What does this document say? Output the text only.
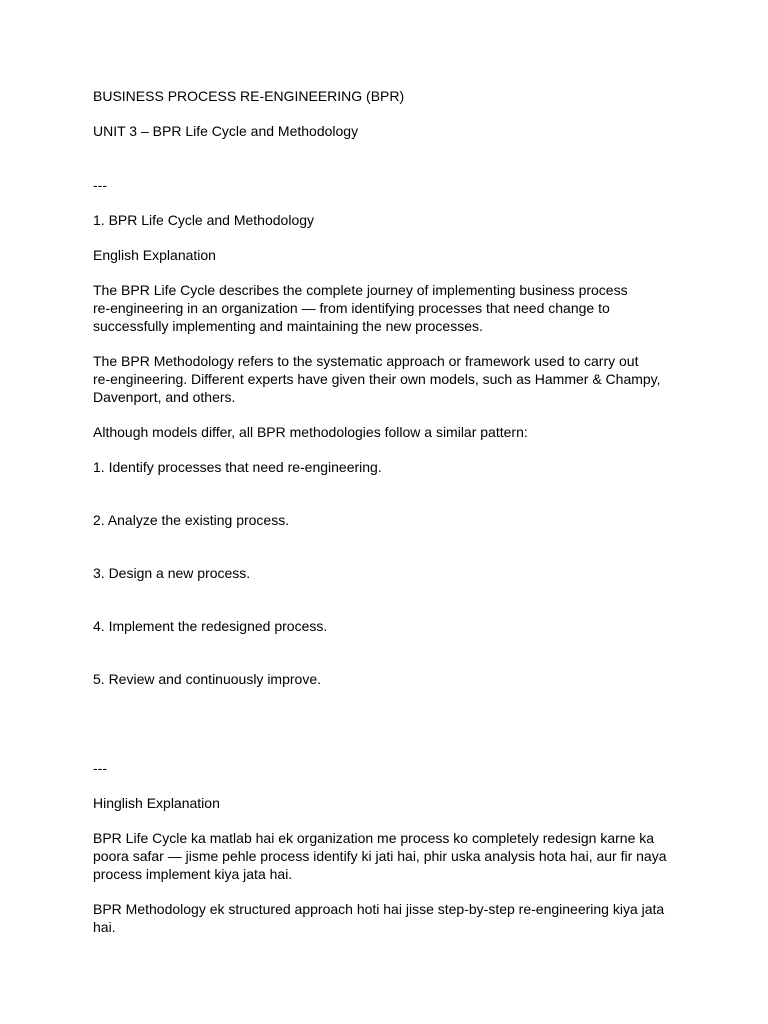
BUSINESS PROCESS RE-ENGINEERING (BPR)

UNIT 3 – BPR Life Cycle and Methodology

---

1. BPR Life Cycle and Methodology

English Explanation

The BPR Life Cycle describes the complete journey of implementing business process
re-engineering in an organization — from identifying processes that need change to
successfully implementing and maintaining the new processes.

The BPR Methodology refers to the systematic approach or framework used to carry out
re-engineering. Different experts have given their own models, such as Hammer & Champy,
Davenport, and others.

Although models differ, all BPR methodologies follow a similar pattern:

1. Identify processes that need re-engineering.

2. Analyze the existing process.

3. Design a new process.

4. Implement the redesigned process.

5. Review and continuously improve.

---

Hinglish Explanation

BPR Life Cycle ka matlab hai ek organization me process ko completely redesign karne ka
poora safar — jisme pehle process identify ki jati hai, phir uska analysis hota hai, aur fir naya
process implement kiya jata hai.

BPR Methodology ek structured approach hoti hai jisse step-by-step re-engineering kiya jata
hai.
